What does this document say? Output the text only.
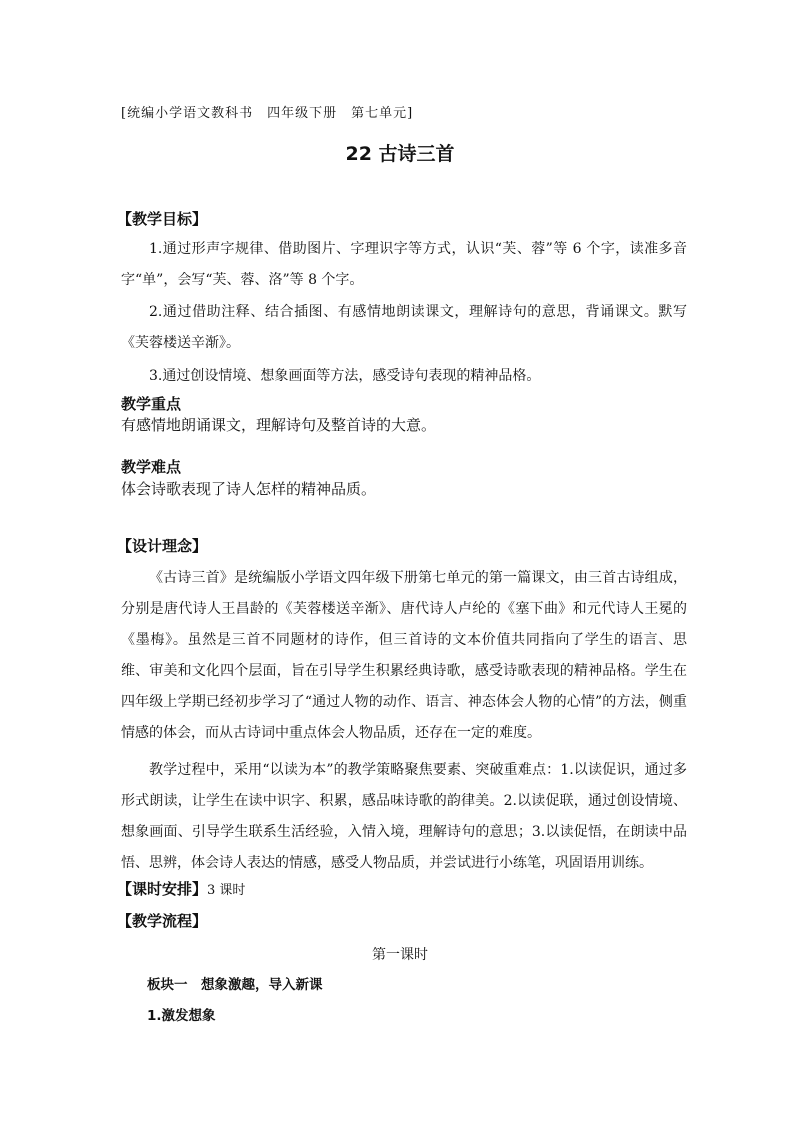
[统编小学语文教科书　四年级下册　第七单元]
22 古诗三首
【教学目标】
1.通过形声字规律、借助图片、字理识字等方式，认识“芙、蓉”等 6 个字，读准多音字“单”，会写“芙、蓉、洛”等 8 个字。
2.通过借助注释、结合插图、有感情地朗读课文，理解诗句的意思，背诵课文。默写《芙蓉楼送辛渐》。
3.通过创设情境、想象画面等方法，感受诗句表现的精神品格。
教学重点
有感情地朗诵课文，理解诗句及整首诗的大意。
教学难点
体会诗歌表现了诗人怎样的精神品质。
【设计理念】
《古诗三首》是统编版小学语文四年级下册第七单元的第一篇课文，由三首古诗组成，分别是唐代诗人王昌龄的《芙蓉楼送辛渐》、唐代诗人卢纶的《塞下曲》和元代诗人王冕的《墨梅》。虽然是三首不同题材的诗作，但三首诗的文本价值共同指向了学生的语言、思维、审美和文化四个层面，旨在引导学生积累经典诗歌，感受诗歌表现的精神品格。学生在四年级上学期已经初步学习了“通过人物的动作、语言、神态体会人物的心情”的方法，侧重情感的体会，而从古诗词中重点体会人物品质，还存在一定的难度。
教学过程中，采用“以读为本”的教学策略聚焦要素、突破重难点：1.以读促识，通过多形式朗读，让学生在读中识字、积累，感品味诗歌的韵律美。2.以读促联，通过创设情境、想象画面、引导学生联系生活经验，入情入境，理解诗句的意思；3.以读促悟，在朗读中品悟、思辨，体会诗人表达的情感，感受人物品质，并尝试进行小练笔，巩固语用训练。
【课时安排】3 课时
【教学流程】
第一课时
板块一　想象激趣，导入新课
1.激发想象
